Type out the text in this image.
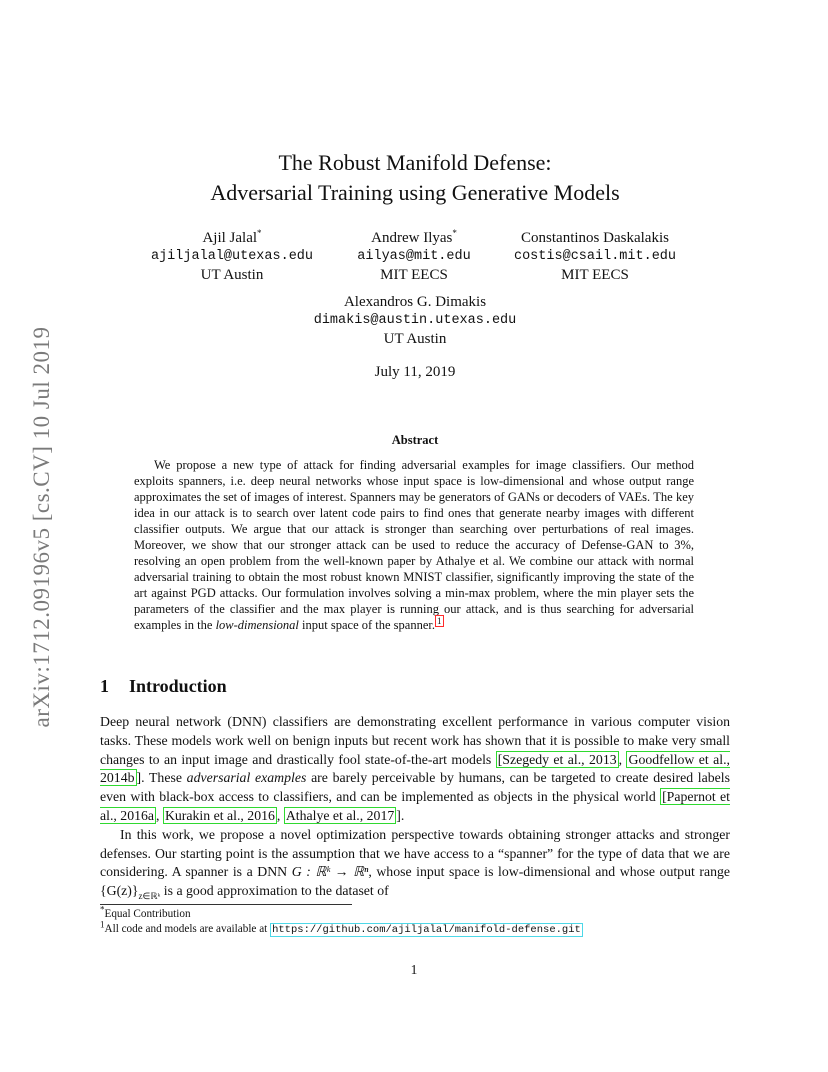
arXiv:1712.09196v5 [cs.CV] 10 Jul 2019
The Robust Manifold Defense:
Adversarial Training using Generative Models
Ajil Jalal*
ajiljalal@utexas.edu
UT Austin
Andrew Ilyas*
ailyas@mit.edu
MIT EECS
Constantinos Daskalakis
costis@csail.mit.edu
MIT EECS
Alexandros G. Dimakis
dimakis@austin.utexas.edu
UT Austin
July 11, 2019
Abstract
We propose a new type of attack for finding adversarial examples for image classifiers. Our method exploits spanners, i.e. deep neural networks whose input space is low-dimensional and whose output range approximates the set of images of interest. Spanners may be generators of GANs or decoders of VAEs. The key idea in our attack is to search over latent code pairs to find ones that generate nearby images with different classifier outputs. We argue that our attack is stronger than searching over perturbations of real images. Moreover, we show that our stronger attack can be used to reduce the accuracy of Defense-GAN to 3%, resolving an open problem from the well-known paper by Athalye et al. We combine our attack with normal adversarial training to obtain the most robust known MNIST classifier, significantly improving the state of the art against PGD attacks. Our formulation involves solving a min-max problem, where the min player sets the parameters of the classifier and the max player is running our attack, and is thus searching for adversarial examples in the low-dimensional input space of the spanner. $^1$
1 Introduction

Deep neural network (DNN) classifiers are demonstrating excellent performance in various computer vision tasks. These models work well on benign inputs but recent work has shown that it is possible to make very small changes to an input image and drastically fool state-of-the-art models [Szegedy et al., 2013 , Goodfellow et al., 2014b ]. These adversarial examples are barely perceivable by humans, can be targeted to create desired labels even with black-box access to classifiers, and can be implemented as objects in the physical world [Papernot et al., 2016a , Kurakin et al., 2016 , Athalye et al., 2017 ].

In this work, we propose a novel optimization perspective towards obtaining stronger attacks and stronger defenses. Our starting point is the assumption that we have access to a “spanner” for the type of data that we are considering. A spanner is a DNN G : ℝᵏ → ℝⁿ, whose input space is low-dimensional and whose output range $\{G(z)\}_{z\in ℝᵏ}$ is a good approximation to the dataset of

*Equal Contribution
$^1$All code and models are available at https://github.com/ajiljalal/manifold-defense.git
1
